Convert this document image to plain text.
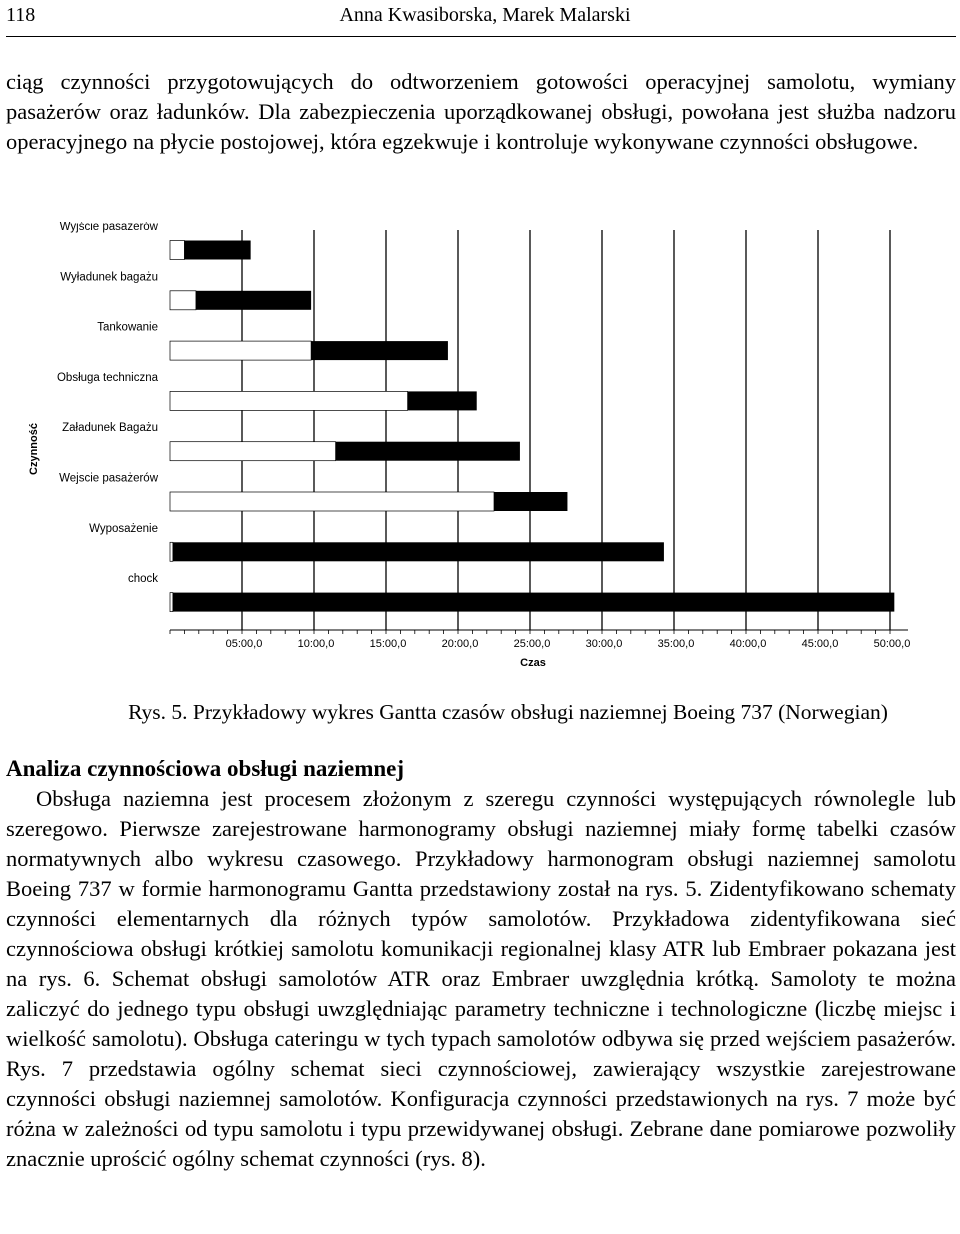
118	Anna Kwasiborska, Marek Malarski

ciąg czynności przygotowujących do odtworzeniem gotowości operacyjnej samolotu, wymiany pasażerów oraz ładunków. Dla zabezpieczenia uporządkowanej obsługi, powołana jest służba nadzoru operacyjnego na płycie postojowej, która egzekwuje i kontroluje wykonywane czynności obsługowe.

Wyjście pasażerów
Wyładunek bagażu
Tankowanie
Obsługa techniczna
Załadunek Bagażu
Wejscie pasażerów
Wyposażenie
chock
05:00,0	10:00,0	15:00,0	20:00,0	25:00,0	30:00,0	35:00,0	40:00,0	45:00,0	50:00,0
Czas
Czynność
Rys. 5. Przykładowy wykres Gantta czasów obsługi naziemnej Boeing 737 (Norwegian)
Analiza czynnościowa obsługi naziemnej

Obsługa naziemna jest procesem złożonym z szeregu czynności występujących równolegle lub szeregowo. Pierwsze zarejestrowane harmonogramy obsługi naziemnej miały formę tabelki czasów normatywnych albo wykresu czasowego. Przykładowy harmonogram obsługi naziemnej samolotu Boeing 737 w formie harmonogramu Gantta przedstawiony został na rys. 5. Zidentyfikowano schematy czynności elementarnych dla różnych typów samolotów. Przykładowa zidentyfikowana sieć czynnościowa obsługi krótkiej samolotu komunikacji regionalnej klasy ATR lub Embraer pokazana jest na rys. 6. Schemat obsługi samolotów ATR oraz Embraer uwzględnia krótką. Samoloty te można zaliczyć do jednego typu obsługi uwzględniając parametry techniczne i technologiczne (liczbę miejsc i wielkość samolotu). Obsługa cateringu w tych typach samolotów odbywa się przed wejściem pasażerów. Rys. 7 przedstawia ogólny schemat sieci czynnościowej, zawierający wszystkie zarejestrowane czynności obsługi naziemnej samolotów. Konfiguracja czynności przedstawionych na rys. 7 może być różna w zależności od typu samolotu i typu przewidywanej obsługi. Zebrane dane pomiarowe pozwoliły znacznie uprościć ogólny schemat czynności (rys. 8).
